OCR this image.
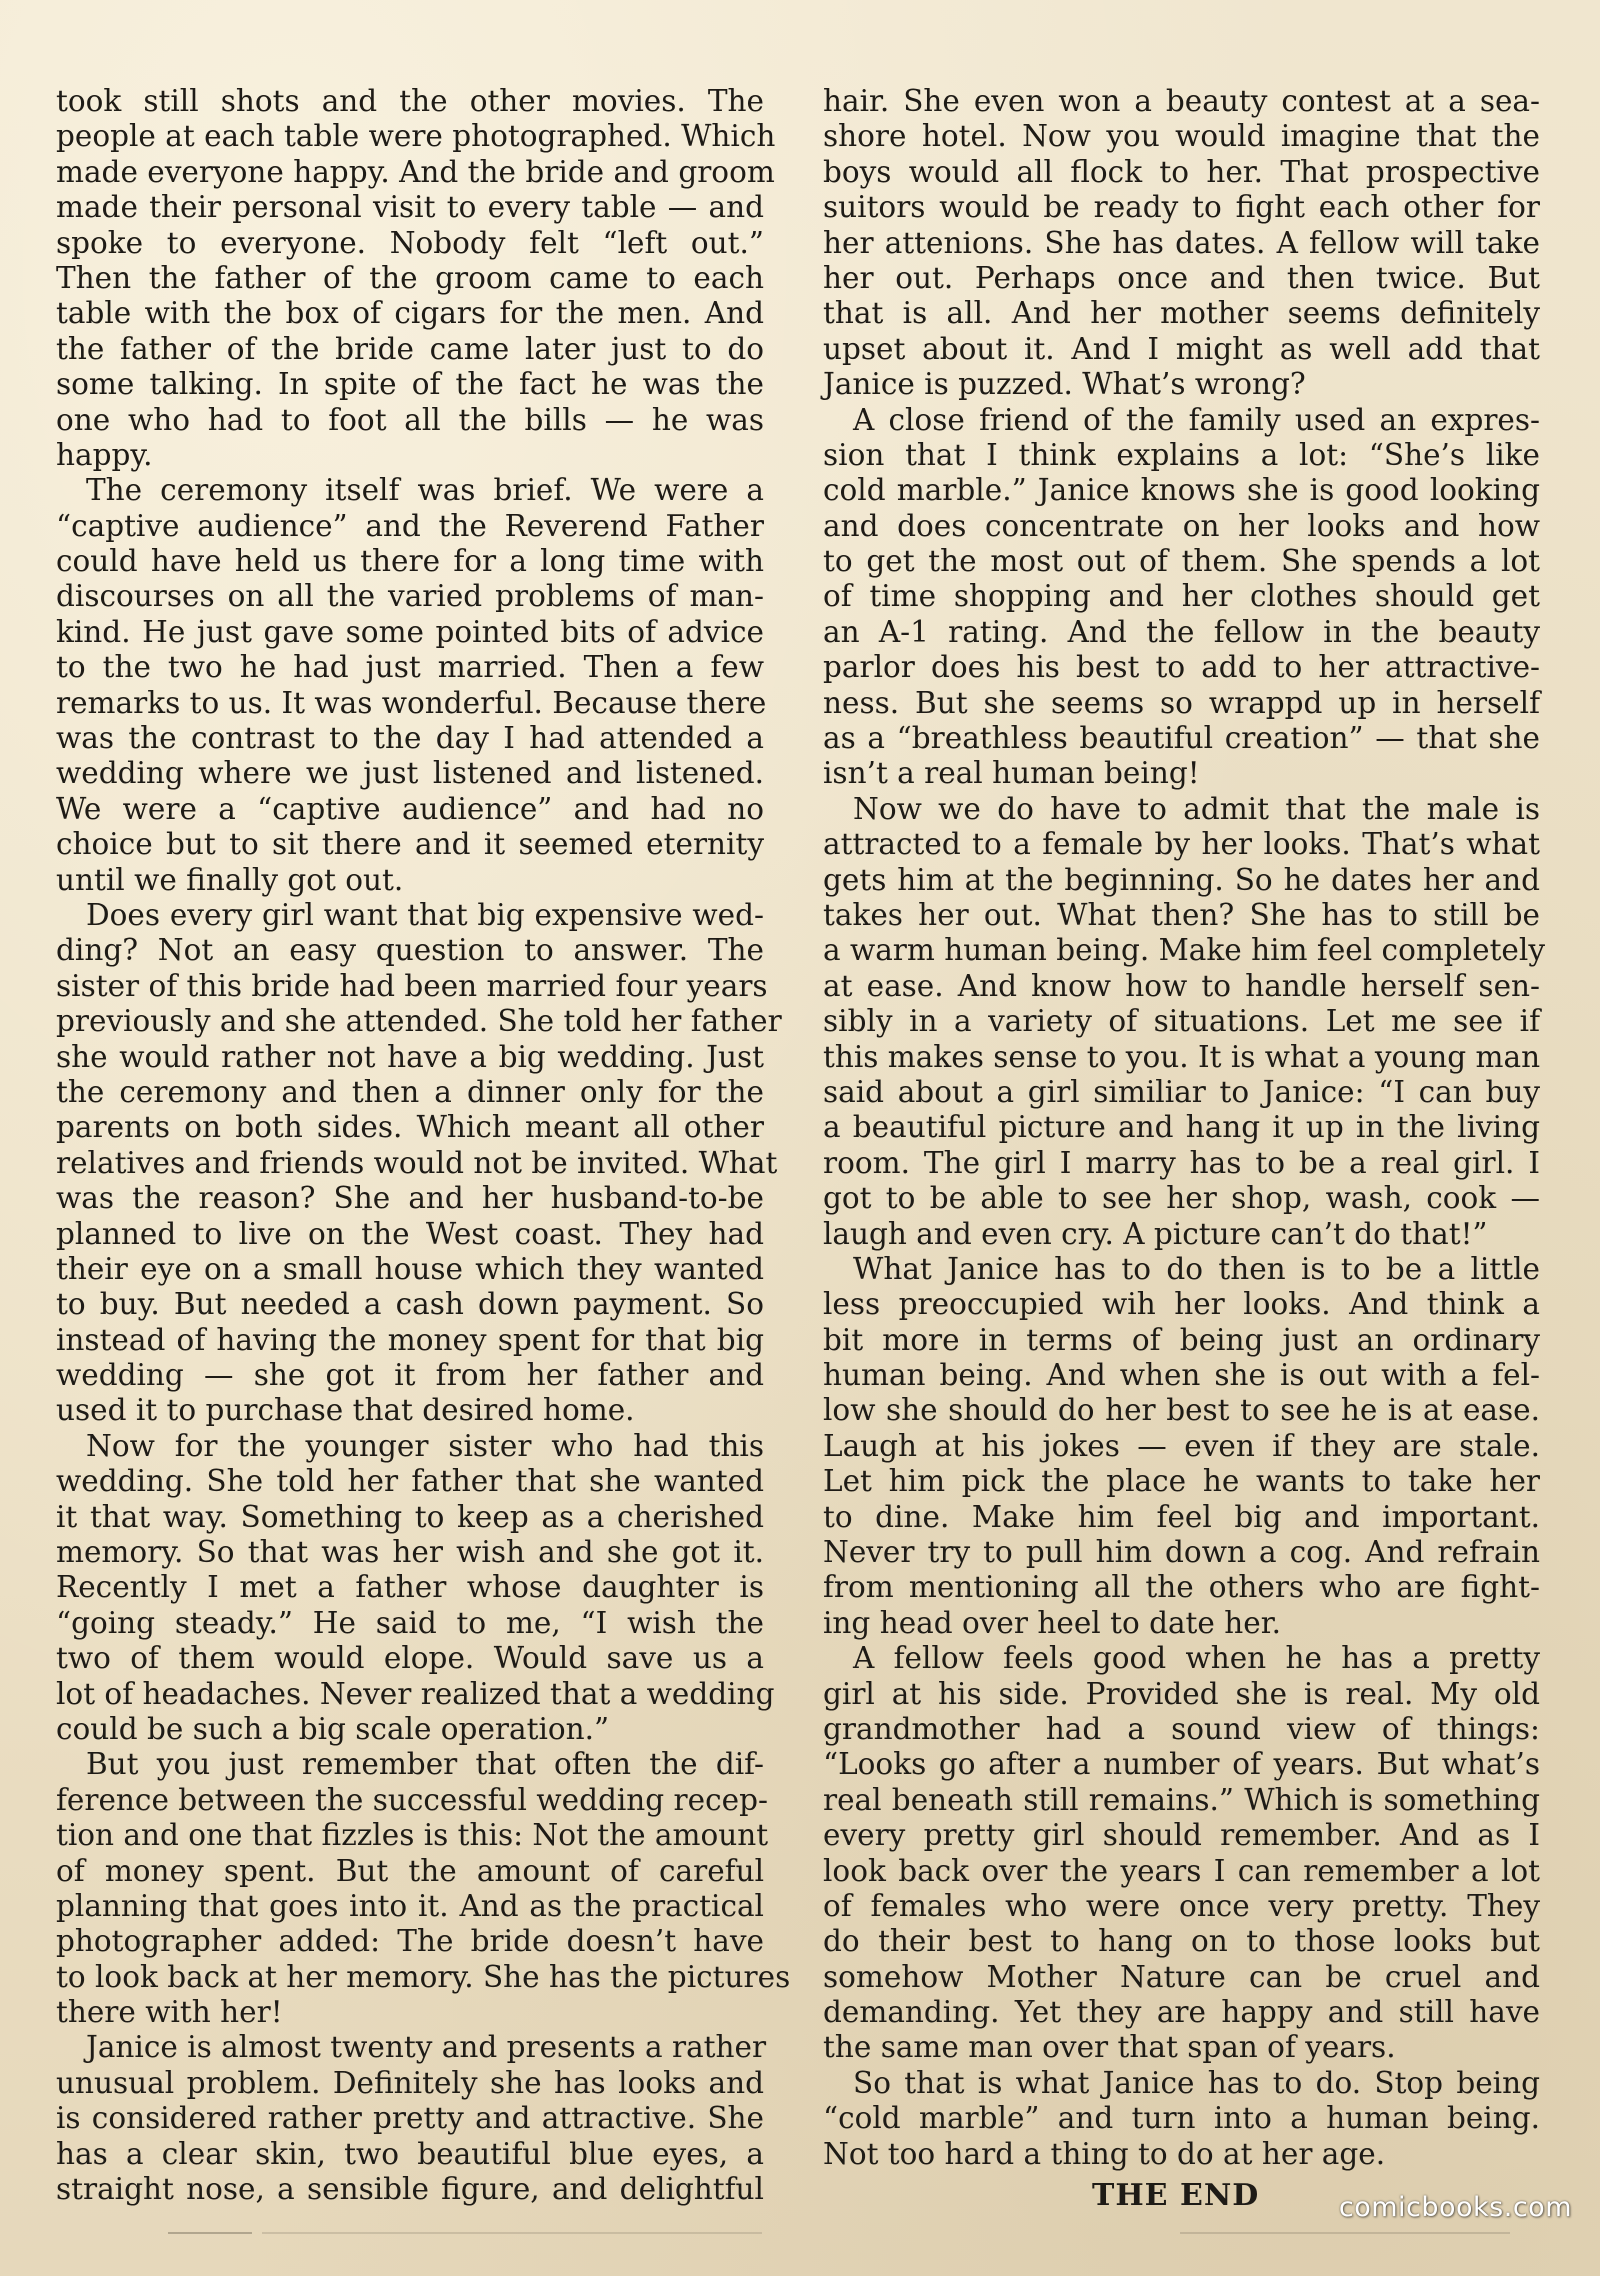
took still shots and the other movies. The
people at each table were photographed. Which
made everyone happy. And the bride and groom
made their personal visit to every table — and
spoke to everyone. Nobody felt “left out.”
Then the father of the groom came to each
table with the box of cigars for the men. And
the father of the bride came later just to do
some talking. In spite of the fact he was the
one who had to foot all the bills — he was
happy.
The ceremony itself was brief. We were a
“captive audience” and the Reverend Father
could have held us there for a long time with
discourses on all the varied problems of man-
kind. He just gave some pointed bits of advice
to the two he had just married. Then a few
remarks to us. It was wonderful. Because there
was the contrast to the day I had attended a
wedding where we just listened and listened.
We were a “captive audience” and had no
choice but to sit there and it seemed eternity
until we finally got out.
Does every girl want that big expensive wed-
ding? Not an easy question to answer. The
sister of this bride had been married four years
previously and she attended. She told her father
she would rather not have a big wedding. Just
the ceremony and then a dinner only for the
parents on both sides. Which meant all other
relatives and friends would not be invited. What
was the reason? She and her husband-to-be
planned to live on the West coast. They had
their eye on a small house which they wanted
to buy. But needed a cash down payment. So
instead of having the money spent for that big
wedding — she got it from her father and
used it to purchase that desired home.
Now for the younger sister who had this
wedding. She told her father that she wanted
it that way. Something to keep as a cherished
memory. So that was her wish and she got it.
Recently I met a father whose daughter is
“going steady.” He said to me, “I wish the
two of them would elope. Would save us a
lot of headaches. Never realized that a wedding
could be such a big scale operation.”
But you just remember that often the dif-
ference between the successful wedding recep-
tion and one that fizzles is this: Not the amount
of money spent. But the amount of careful
planning that goes into it. And as the practical
photographer added: The bride doesn’t have
to look back at her memory. She has the pictures
there with her!
Janice is almost twenty and presents a rather
unusual problem. Definitely she has looks and
is considered rather pretty and attractive. She
has a clear skin, two beautiful blue eyes, a
straight nose, a sensible figure, and delightful
hair. She even won a beauty contest at a sea-
shore hotel. Now you would imagine that the
boys would all flock to her. That prospective
suitors would be ready to fight each other for
her attenions. She has dates. A fellow will take
her out. Perhaps once and then twice. But
that is all. And her mother seems definitely
upset about it. And I might as well add that
Janice is puzzed. What’s wrong?
A close friend of the family used an expres-
sion that I think explains a lot: “She’s like
cold marble.” Janice knows she is good looking
and does concentrate on her looks and how
to get the most out of them. She spends a lot
of time shopping and her clothes should get
an A-1 rating. And the fellow in the beauty
parlor does his best to add to her attractive-
ness. But she seems so wrappd up in herself
as a “breathless beautiful creation” — that she
isn’t a real human being!
Now we do have to admit that the male is
attracted to a female by her looks. That’s what
gets him at the beginning. So he dates her and
takes her out. What then? She has to still be
a warm human being. Make him feel completely
at ease. And know how to handle herself sen-
sibly in a variety of situations. Let me see if
this makes sense to you. It is what a young man
said about a girl similiar to Janice: “I can buy
a beautiful picture and hang it up in the living
room. The girl I marry has to be a real girl. I
got to be able to see her shop, wash, cook —
laugh and even cry. A picture can’t do that!”
What Janice has to do then is to be a little
less preoccupied wih her looks. And think a
bit more in terms of being just an ordinary
human being. And when she is out with a fel-
low she should do her best to see he is at ease.
Laugh at his jokes — even if they are stale.
Let him pick the place he wants to take her
to dine. Make him feel big and important.
Never try to pull him down a cog. And refrain
from mentioning all the others who are fight-
ing head over heel to date her.
A fellow feels good when he has a pretty
girl at his side. Provided she is real. My old
grandmother had a sound view of things:
“Looks go after a number of years. But what’s
real beneath still remains.” Which is something
every pretty girl should remember. And as I
look back over the years I can remember a lot
of females who were once very pretty. They
do their best to hang on to those looks but
somehow Mother Nature can be cruel and
demanding. Yet they are happy and still have
the same man over that span of years.
So that is what Janice has to do. Stop being
“cold marble” and turn into a human being.
Not too hard a thing to do at her age.
THE END	comicbooks.com
